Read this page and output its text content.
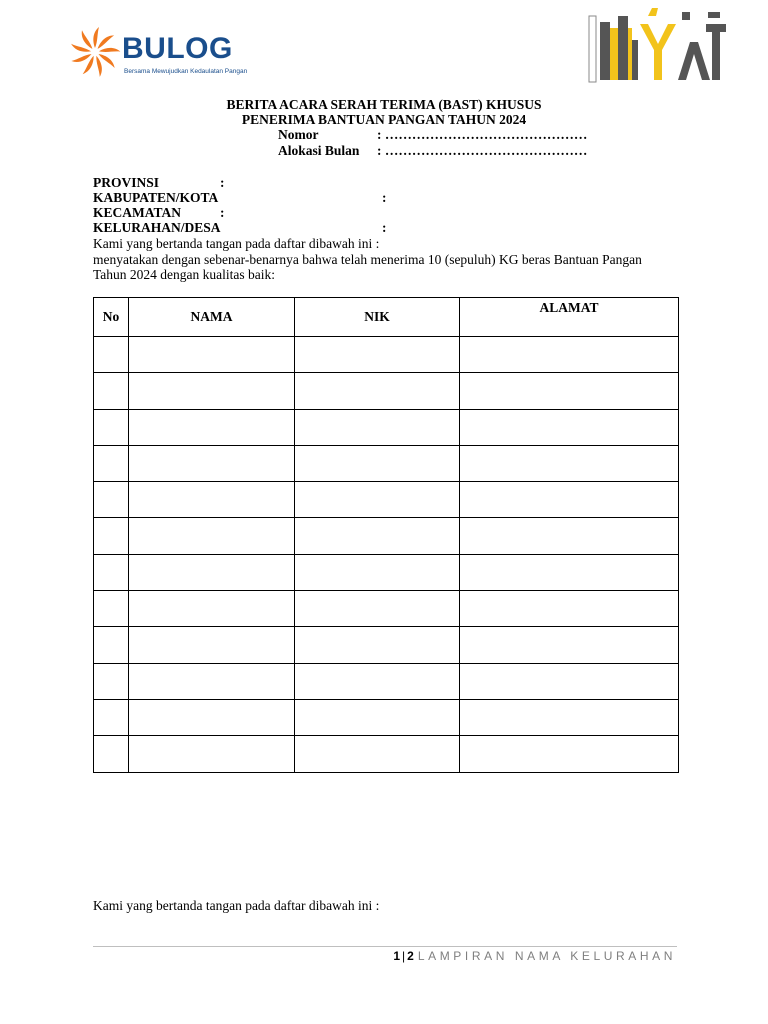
BULOG
Bersama Mewujudkan Kedaulatan Pangan
BERITA ACARA SERAH TERIMA (BAST) KHUSUS
PENERIMA BANTUAN PANGAN TAHUN 2024
Nomor	: ………………………………………
Alokasi Bulan : ………………………………………
PROVINSI	:
KABUPATEN/KOTA	:
KECAMATAN	:
KELURAHAN/DESA	:
Kami yang bertanda tangan pada daftar dibawah ini :
menyatakan dengan sebenar-benarnya bahwa telah menerima 10 (sepuluh) KG beras Bantuan Pangan Tahun 2024 dengan kualitas baik:
No	NAMA	NIK	ALAMAT

Kami yang bertanda tangan pada daftar dibawah ini :
1 | 2 LAMPIRAN NAMA KELURAHAN
